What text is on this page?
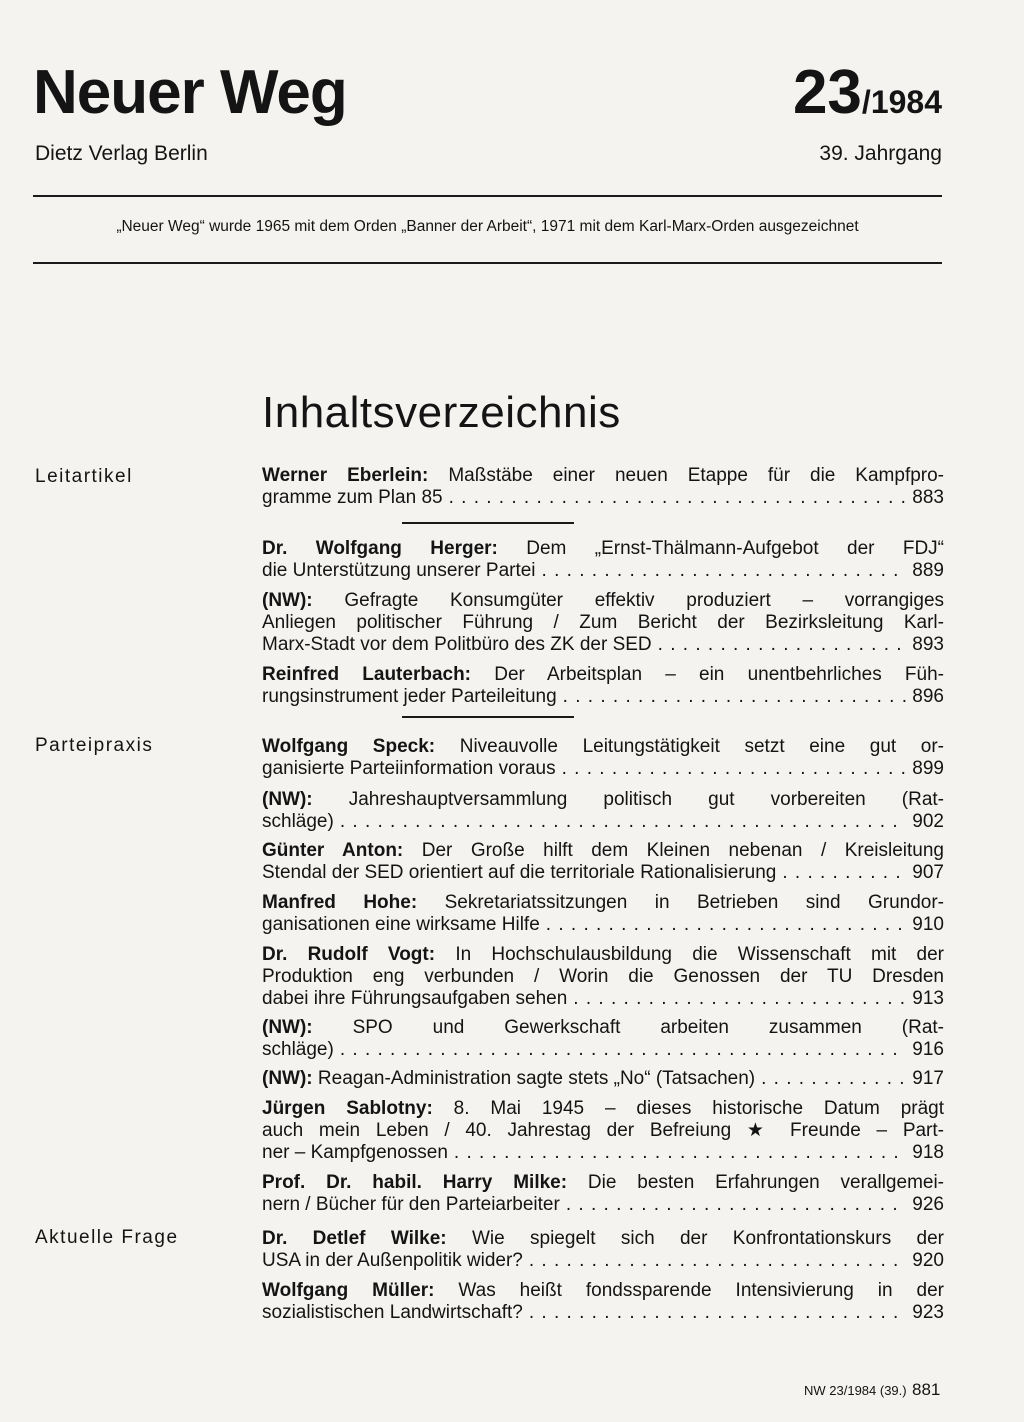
Neuer Weg	23/1984
Dietz Verlag Berlin	39. Jahrgang
„Neuer Weg“ wurde 1965 mit dem Orden „Banner der Arbeit“, 1971 mit dem Karl-Marx-Orden ausgezeichnet
Inhaltsverzeichnis
Leitartikel
Parteipraxis
Aktuelle Frage
Werner Eberlein: Maßstäbe einer neuen Etappe für die Kampfpro-
gramme zum Plan 85 . . .	883
Dr. Wolfgang Herger: Dem „Ernst-Thälmann-Aufgebot der FDJ“
die Unterstützung unserer Partei . . .	889
(NW): Gefragte Konsumgüter effektiv produziert – vorrangiges
Anliegen politischer Führung / Zum Bericht der Bezirksleitung Karl-
Marx-Stadt vor dem Politbüro des ZK der SED . . .	893
Reinfred Lauterbach: Der Arbeitsplan – ein unentbehrliches Füh-
rungsinstrument jeder Parteileitung . . .	896
Wolfgang Speck: Niveauvolle Leitungstätigkeit setzt eine gut or-
ganisierte Parteiinformation voraus . . .	899
(NW): Jahreshauptversammlung politisch gut vorbereiten (Rat-
schläge) . . .	902
Günter Anton: Der Große hilft dem Kleinen nebenan / Kreisleitung
Stendal der SED orientiert auf die territoriale Rationalisierung . . .	907
Manfred Hohe: Sekretariatssitzungen in Betrieben sind Grundor-
ganisationen eine wirksame Hilfe . . .	910
Dr. Rudolf Vogt: In Hochschulausbildung die Wissenschaft mit der
Produktion eng verbunden / Worin die Genossen der TU Dresden
dabei ihre Führungsaufgaben sehen . . .	913
(NW): SPO und Gewerkschaft arbeiten zusammen (Rat-
schläge) . . .	916
(NW):
Reagan-Administration sagte stets „No“ (Tatsachen) . . .	917
Jürgen Sablotny: 8. Mai 1945 – dieses historische Datum prägt
auch mein Leben / 40. Jahrestag der Befreiung ★ Freunde – Part-
ner – Kampfgenossen . . .	918
Prof. Dr. habil. Harry Milke: Die besten Erfahrungen verallgemei-
nern / Bücher für den Parteiarbeiter . . .	926
Dr. Detlef Wilke: Wie spiegelt sich der Konfrontationskurs der
USA in der Außenpolitik wider? . . .	920
Wolfgang Müller: Was heißt fondssparende Intensivierung in der
sozialistischen Landwirtschaft? . . .	923
NW 23/1984 (39.) 881
